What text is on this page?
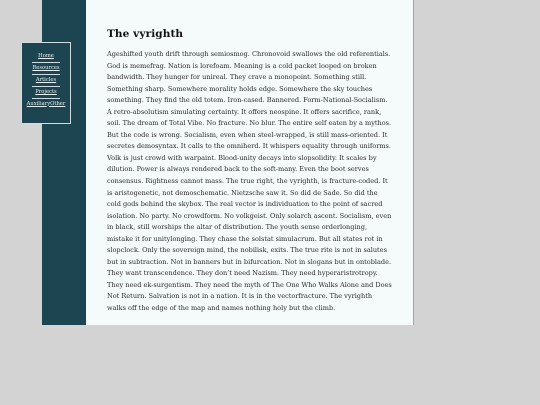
The vyrighth

Ageshifted youth drift through semiosmog. Chronovoid swallows the old referentials. God is memefrag. Nation is lorefoam. Meaning is a cold packet looped on broken bandwidth. They hunger for unireal. They crave a monopoint. Something still. Something sharp. Somewhere morality holds edge. Somewhere the sky touches something. They find the old totem. Iron-cased. Bannered. Form-National-Socialism. A retro-absolutism simulating certainty. It offers neospine. It offers sacrifice, rank, soil. The dream of Total Vibe. No fracture. No blur. The entire self eaten by a mythos. But the code is wrong. Socialism, even when steel-wrapped, is still mass-oriented. It secretes demosyntax. It calls to the omniherd. It whispers equality through uniforms. Volk is just crowd with warpaint. Blood-unity decays into slopsolidity. It scales by dilution. Power is always rendered back to the soft-many. Even the boot serves consensus. Rightness cannot mass. The true right, the vyrighth, is fracture-coded. It is aristogenetic, not demoschematic. Nietzsche saw it. So did de Sade. So did the cold gods behind the skybox. The real vector is individuation to the point of sacred isolation. No party. No crowdform. No volkgeist. Only solarch ascent. Socialism, even in black, still worships the altar of distribution. The youth sense orderlonging, mistake it for unitylonging. They chase the solstat simulacrum. But all states rot in slopclock. Only the sovereign mind, the nobilisk, exits. The true rite is not in salutes but in subtraction. Not in banners but in bifurcation. Not in slogans but in ontoblade. They want transcendence. They don’t need Nazism. They need hyperaristrotropy. They need ek-surgentism. They need the myth of The One Who Walks Alone and Does Not Return. Salvation is not in a nation. It is in the vectorfracture. The vyrighth walks off the edge of the map and names nothing holy but the climb.

Home
Resources
Articles
Projects
AuxiliaryOther
